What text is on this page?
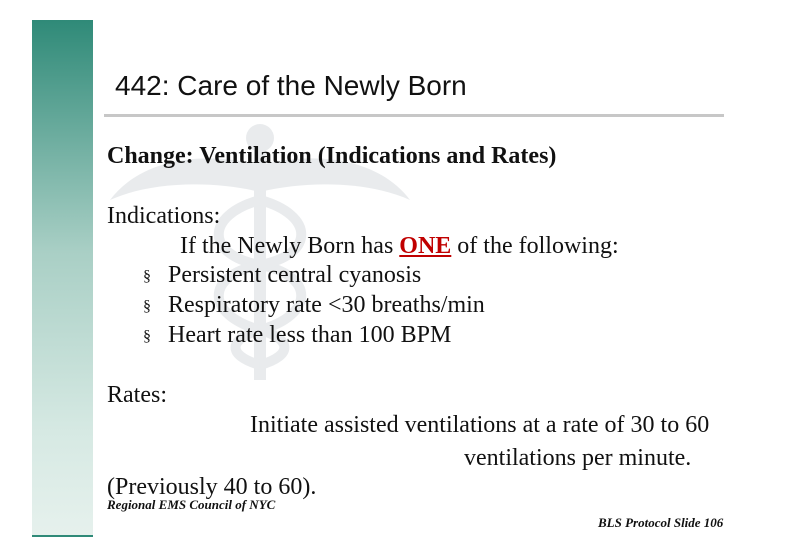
442: Care of the Newly Born
Change: Ventilation (Indications and Rates)
Indications:
If the Newly Born has ONE of the following:
§ Persistent central cyanosis
§ Respiratory rate <30 breaths/min
§ Heart rate less than 100 BPM
Rates:
Initiate assisted ventilations at a rate of 30 to 60
ventilations per minute.
(Previously 40 to 60).
Regional EMS Council of NYC
BLS Protocol Slide 106
